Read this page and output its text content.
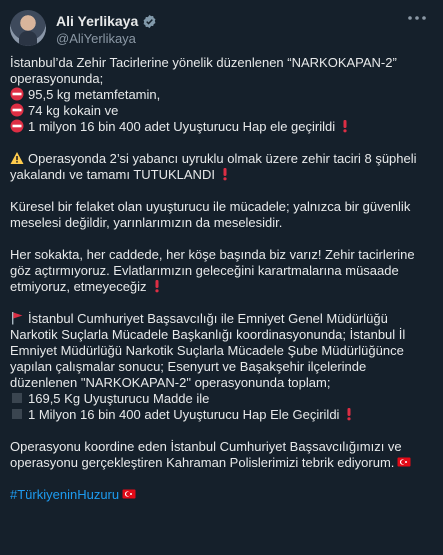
Ali Yerlikaya
@AliYerlikaya
İstanbul’da Zehir Tacirlerine yönelik düzenlenen “NARKOKAPAN-2”
operasyonunda;
95,5 kg metamfetamin,
74 kg kokain ve
1 milyon 16 bin 400 adet Uyuşturucu Hap ele geçirildi
Operasyonda 2’si yabancı uyruklu olmak üzere zehir taciri 8 şüpheli
yakalandı ve tamamı TUTUKLANDI
Küresel bir felaket olan uyuşturucu ile mücadele; yalnızca bir güvenlik
meselesi değildir, yarınlarımızın da meselesidir.
Her sokakta, her caddede, her köşe başında biz varız! Zehir tacirlerine
göz açtırmıyoruz. Evlatlarımızın geleceğini karartmalarına müsaade
etmiyoruz, etmeyeceğiz
İstanbul Cumhuriyet Başsavcılığı ile Emniyet Genel Müdürlüğü
Narkotik Suçlarla Mücadele Başkanlığı koordinasyonunda; İstanbul İl
Emniyet Müdürlüğü Narkotik Suçlarla Mücadele Şube Müdürlüğünce
yapılan çalışmalar sonucu; Esenyurt ve Başakşehir ilçelerinde
düzenlenen "NARKOKAPAN-2" operasyonunda toplam;
169,5 Kg Uyuşturucu Madde ile
1 Milyon 16 bin 400 adet Uyuşturucu Hap Ele Geçirildi
Operasyonu koordine eden İstanbul Cumhuriyet Başsavcılığımızı ve
operasyonu gerçekleştiren Kahraman Polislerimizi tebrik ediyorum.
#TürkiyeninHuzuru
